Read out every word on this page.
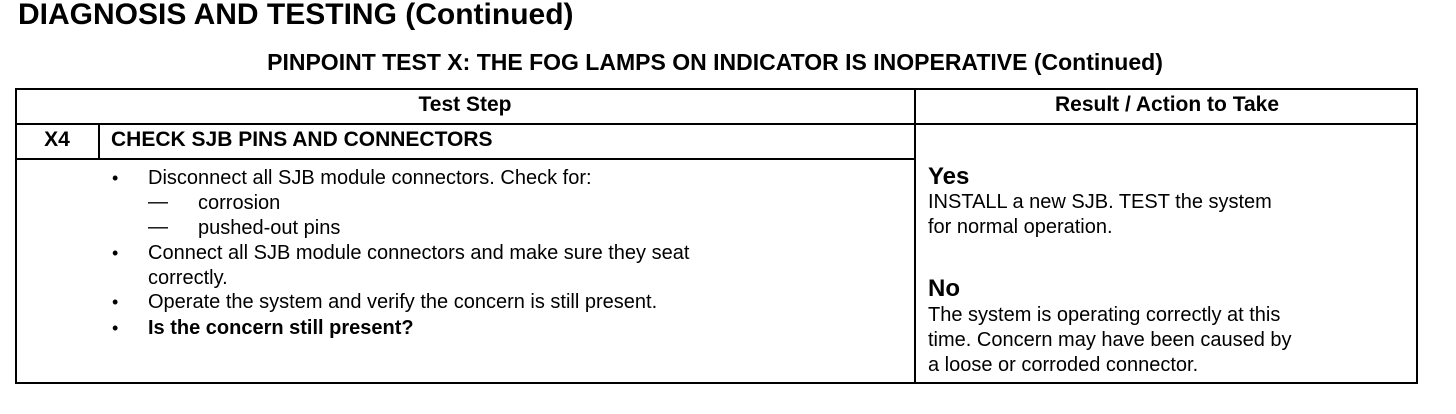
DIAGNOSIS AND TESTING (Continued)
PINPOINT TEST X: THE FOG LAMPS ON INDICATOR IS INOPERATIVE (Continued)
Test Step	Result / Action to Take
X4	CHECK SJB PINS AND CONNECTORS
• Disconnect all SJB module connectors. Check for:
— corrosion
— pushed-out pins
• Connect all SJB module connectors and make sure they seat
correctly.
• Operate the system and verify the concern is still present.
• Is the concern still present?
Yes
INSTALL a new SJB. TEST the system
for normal operation.
No
The system is operating correctly at this
time. Concern may have been caused by
a loose or corroded connector.
